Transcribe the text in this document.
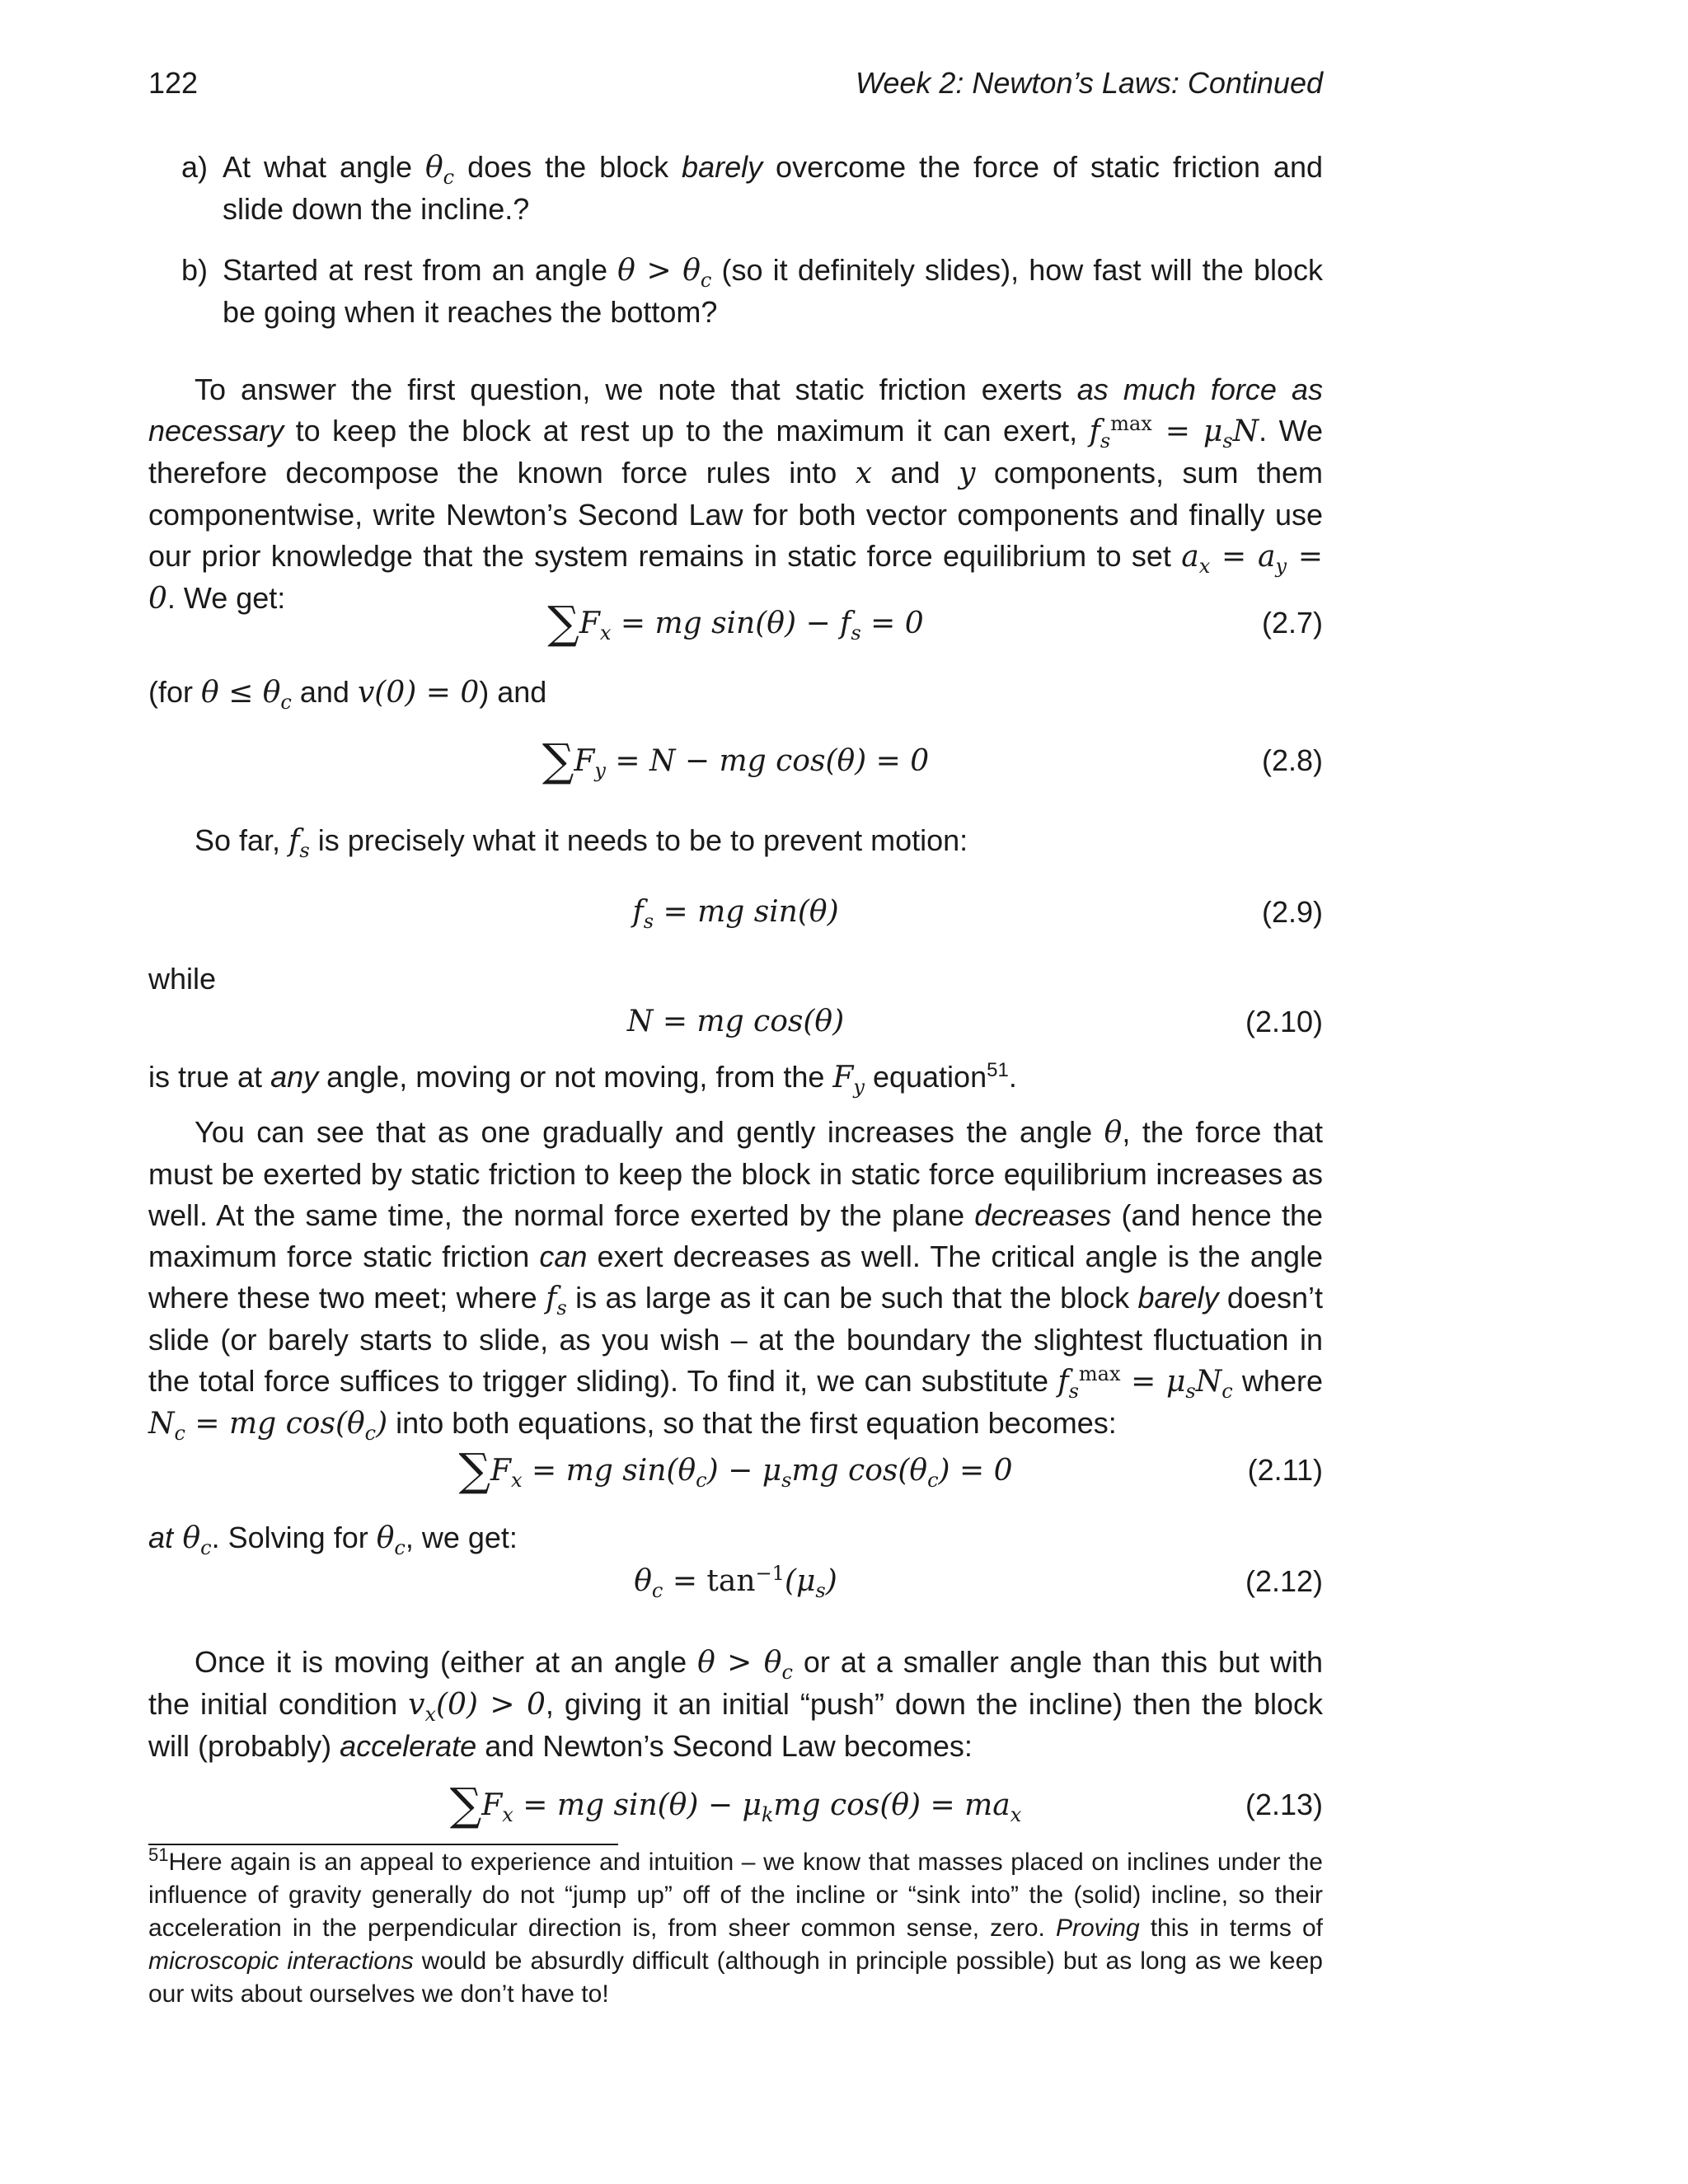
122	Week 2: Newton’s Laws: Continued
a) At what angle $\theta_c$ does the block barely overcome the force of static friction and slide down the incline.?
b) Started at rest from an angle $\theta > \theta_c$ (so it definitely slides), how fast will the block be going when it reaches the bottom?
To answer the first question, we note that static friction exerts as much force as necessary to keep the block at rest up to the maximum it can exert, $f_s^{max} = \mu_sN$. We therefore decompose the known force rules into x and y components, sum them componentwise, write Newton’s Second Law for both vector components and finally use our prior knowledge that the system remains in static force equilibrium to set $a_x = a_y = 0$. We get:	$\sum F_x$ = mg $\sin(\theta) - f_s = 0$	(2.7)
(for $\theta \le \theta_c$ and v(0) = 0) and
$\sum F_y = N$ − mg cos(θ) = 0	(2.8)
So far, $f_s$ is precisely what it needs to be to prevent motion:
$f_s$ = mg sin(θ)	(2.9)
while
N = mg cos(θ)	(2.10)
is true at any angle, moving or not moving, from the $F_y$ equation$^{51}$.
You can see that as one gradually and gently increases the angle θ, the force that must be exerted by static friction to keep the block in static force equilibrium increases as well. At the same time, the normal force exerted by the plane decreases (and hence the maximum force static friction can exert decreases as well. The critical angle is the angle where these two meet; where $f_s$ is as large as it can be such that the block barely doesn’t slide (or barely starts to slide, as you wish – at the boundary the slightest fluctuation in the total force suffices to trigger sliding). To find it, we can substitute $f_s^{max} = \mu_sN_c$ where $N_c$ = mg $\cos(\theta_c)$ into both equations, so that the first equation becomes:
$\sum F_x$ = mg $\sin(\theta_c) - \mu_smg$ $\cos(\theta_c) = 0$	(2.11)
at $\theta_c$. Solving for $\theta_c$, we get:
$\theta_c = \tan^{-1}(\mu_s)$	(2.12)
Once it is moving (either at an angle $\theta > \theta_c$ or at a smaller angle than this but with the initial condition $v_x(0) > 0$, giving it an initial “push” down the incline) then the block will (probably) accelerate and Newton’s Second Law becomes:
$\sum F_x$ = mg $\sin(\theta) - \mu_kmg$ $\cos(\theta) = ma_x$	(2.13)
$^{51}$Here again is an appeal to experience and intuition – we know that masses placed on inclines under the influence of gravity generally do not “jump up” off of the incline or “sink into” the (solid) incline, so their acceleration in the perpendicular direction is, from sheer common sense, zero. Proving this in terms of microscopic interactions would be absurdly difficult (although in principle possible) but as long as we keep our wits about ourselves we don’t have to!
